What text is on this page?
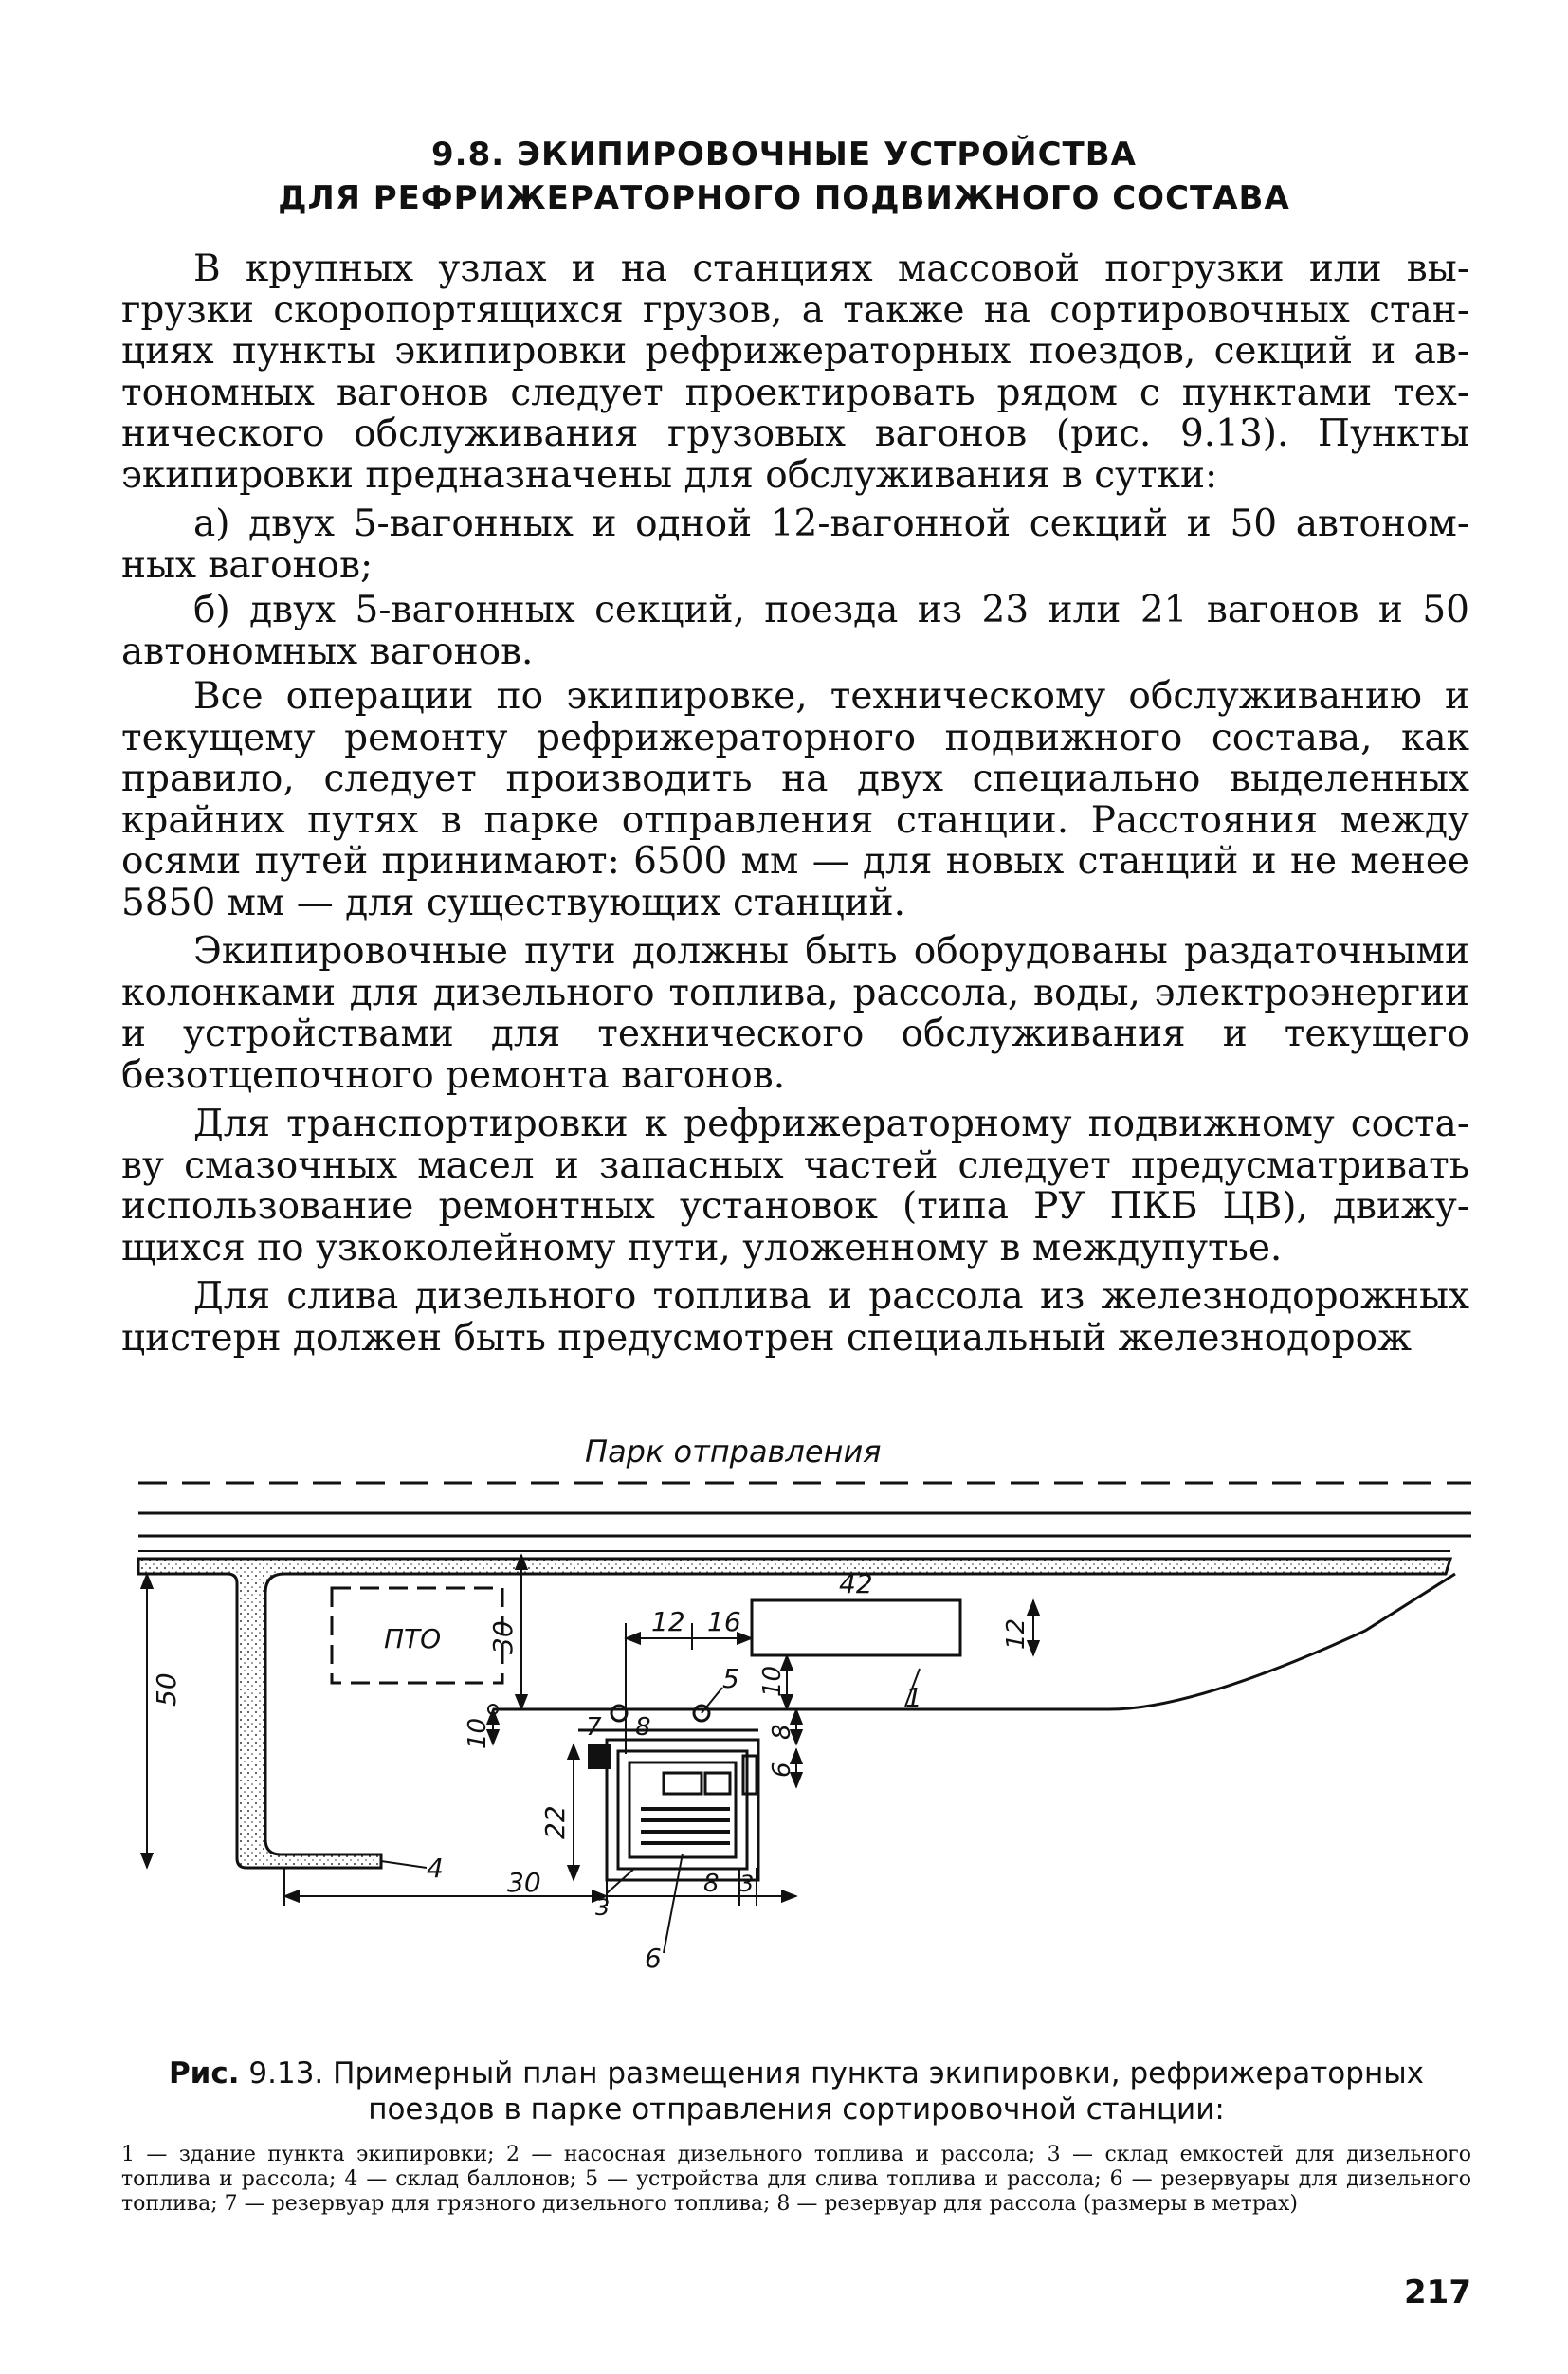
9.8. ЭКИПИРОВОЧНЫЕ УСТРОЙСТВА
ДЛЯ РЕФРИЖЕРАТОРНОГО ПОДВИЖНОГО СОСТАВА

В крупных узлах и на станциях массовой погрузки или выгрузки скоропортящихся грузов, а также на сортировочных станциях пункты экипировки рефрижераторных поездов, секций и автономных вагонов следует проектировать рядом с пунктами технического обслуживания грузовых вагонов (рис. 9.13). Пункты экипировки предназначены для обслуживания в сутки:

а) двух 5-вагонных и одной 12-вагонной секций и 50 автономных вагонов;

б) двух 5-вагонных секций, поезда из 23 или 21 вагонов и 50 автономных вагонов.

Все операции по экипировке, техническому обслуживанию и текущему ремонту рефрижераторного подвижного состава, как правило, следует производить на двух специально выделенных крайних путях в парке отправления станции. Расстояния между осями путей принимают: 6500 мм — для новых станций и не менее 5850 мм — для существующих станций.

Экипировочные пути должны быть оборудованы раздаточными колонками для дизельного топлива, рассола, воды, электроэнергии и устройствами для технического обслуживания и текущего безотцепочного ремонта вагонов.

Для транспортировки к рефрижераторному подвижному составу смазочных масел и запасных частей следует предусматривать использование ремонтных установок (типа РУ ПКБ ЦВ), движущихся по узкоколейному пути, уложенному в междупутье.

Для слива дизельного топлива и рассола из железнодорожных цистерн должен быть предусмотрен специальный железнодорож

Парк отправления
ПТО
50
30	12 16
42
12
10
10	8
6
22
30	8 3
1
4
5
7 8
3
6
Рис. 9.13. Примерный план размещения пункта экипировки, рефрижераторных поездов в парке отправления сортировочной станции:
1 — здание пункта экипировки; 2 — насосная дизельного топлива и рассола; 3 — склад емкостей для дизельного топлива и рассола; 4 — склад баллонов; 5 — устройства для слива топлива и рассола; 6 — резервуары для дизельного топлива; 7 — резервуар для грязного дизельного топлива; 8 — резервуар для рассола (размеры в метрах)
217
